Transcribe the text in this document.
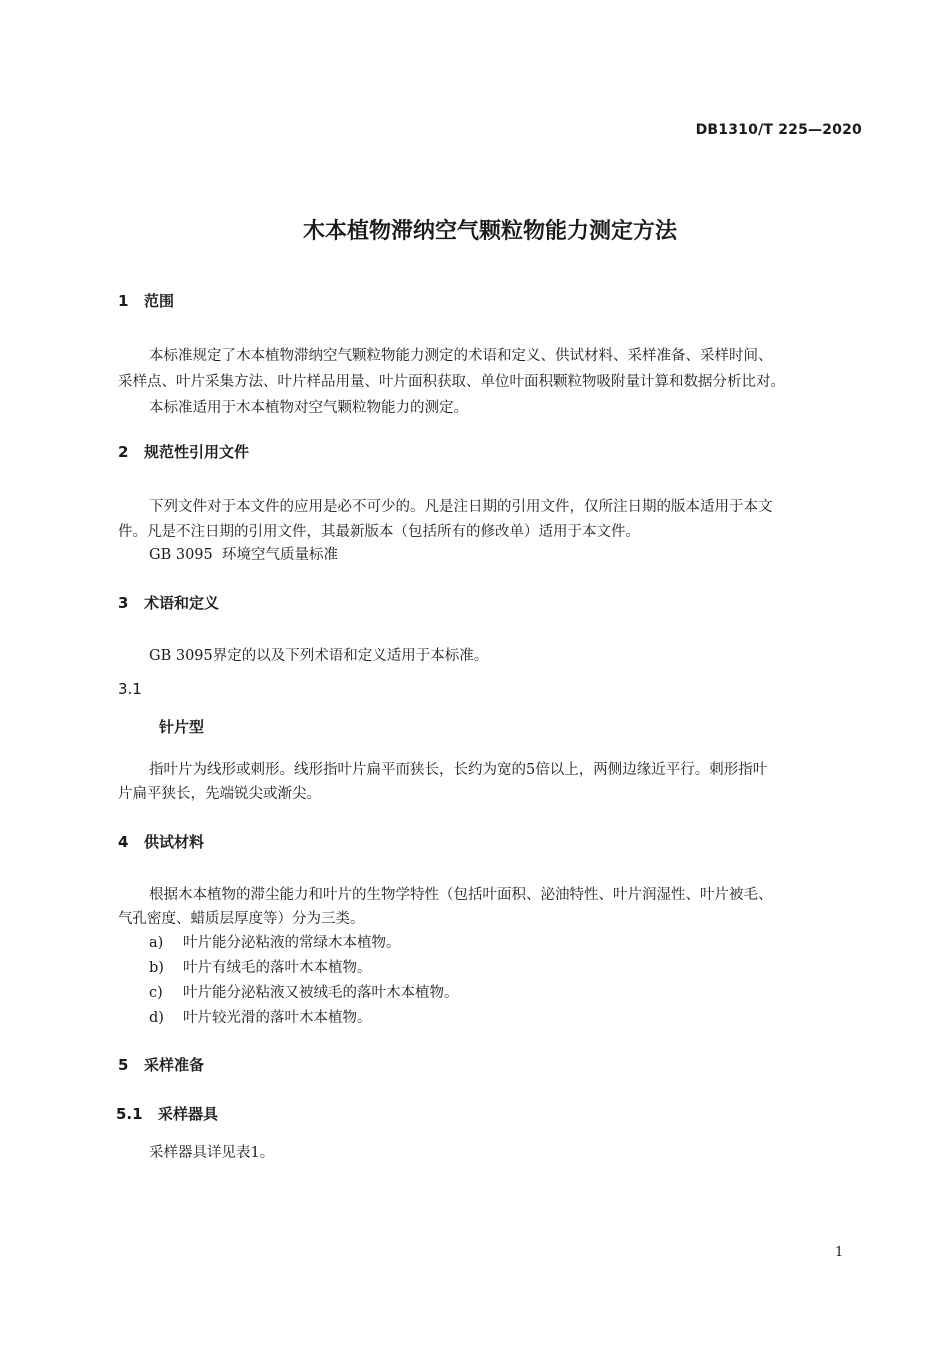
DB1310/T 225—2020
木本植物滞纳空气颗粒物能力测定方法
1 范围
本标准规定了木本植物滞纳空气颗粒物能力测定的术语和定义、供试材料、采样准备、采样时间、
采样点、叶片采集方法、叶片样品用量、叶片面积获取、单位叶面积颗粒物吸附量计算和数据分析比对。
本标准适用于木本植物对空气颗粒物能力的测定。
2 规范性引用文件
下列文件对于本文件的应用是必不可少的。凡是注日期的引用文件，仅所注日期的版本适用于本文
件。凡是不注日期的引用文件，其最新版本（包括所有的修改单）适用于本文件。
GB 3095  环境空气质量标准
3 术语和定义
GB 3095界定的以及下列术语和定义适用于本标准。
3.1
针片型
指叶片为线形或刺形。线形指叶片扁平而狭长，长约为宽的5倍以上，两侧边缘近平行。刺形指叶
片扁平狭长，先端锐尖或渐尖。
4 供试材料
根据木本植物的滞尘能力和叶片的生物学特性（包括叶面积、泌油特性、叶片润湿性、叶片被毛、
气孔密度、蜡质层厚度等）分为三类。
a) 叶片能分泌粘液的常绿木本植物。
b) 叶片有绒毛的落叶木本植物。
c) 叶片能分泌粘液又被绒毛的落叶木本植物。
d) 叶片较光滑的落叶木本植物。
5 采样准备
5.1 采样器具
采样器具详见表1。
1
